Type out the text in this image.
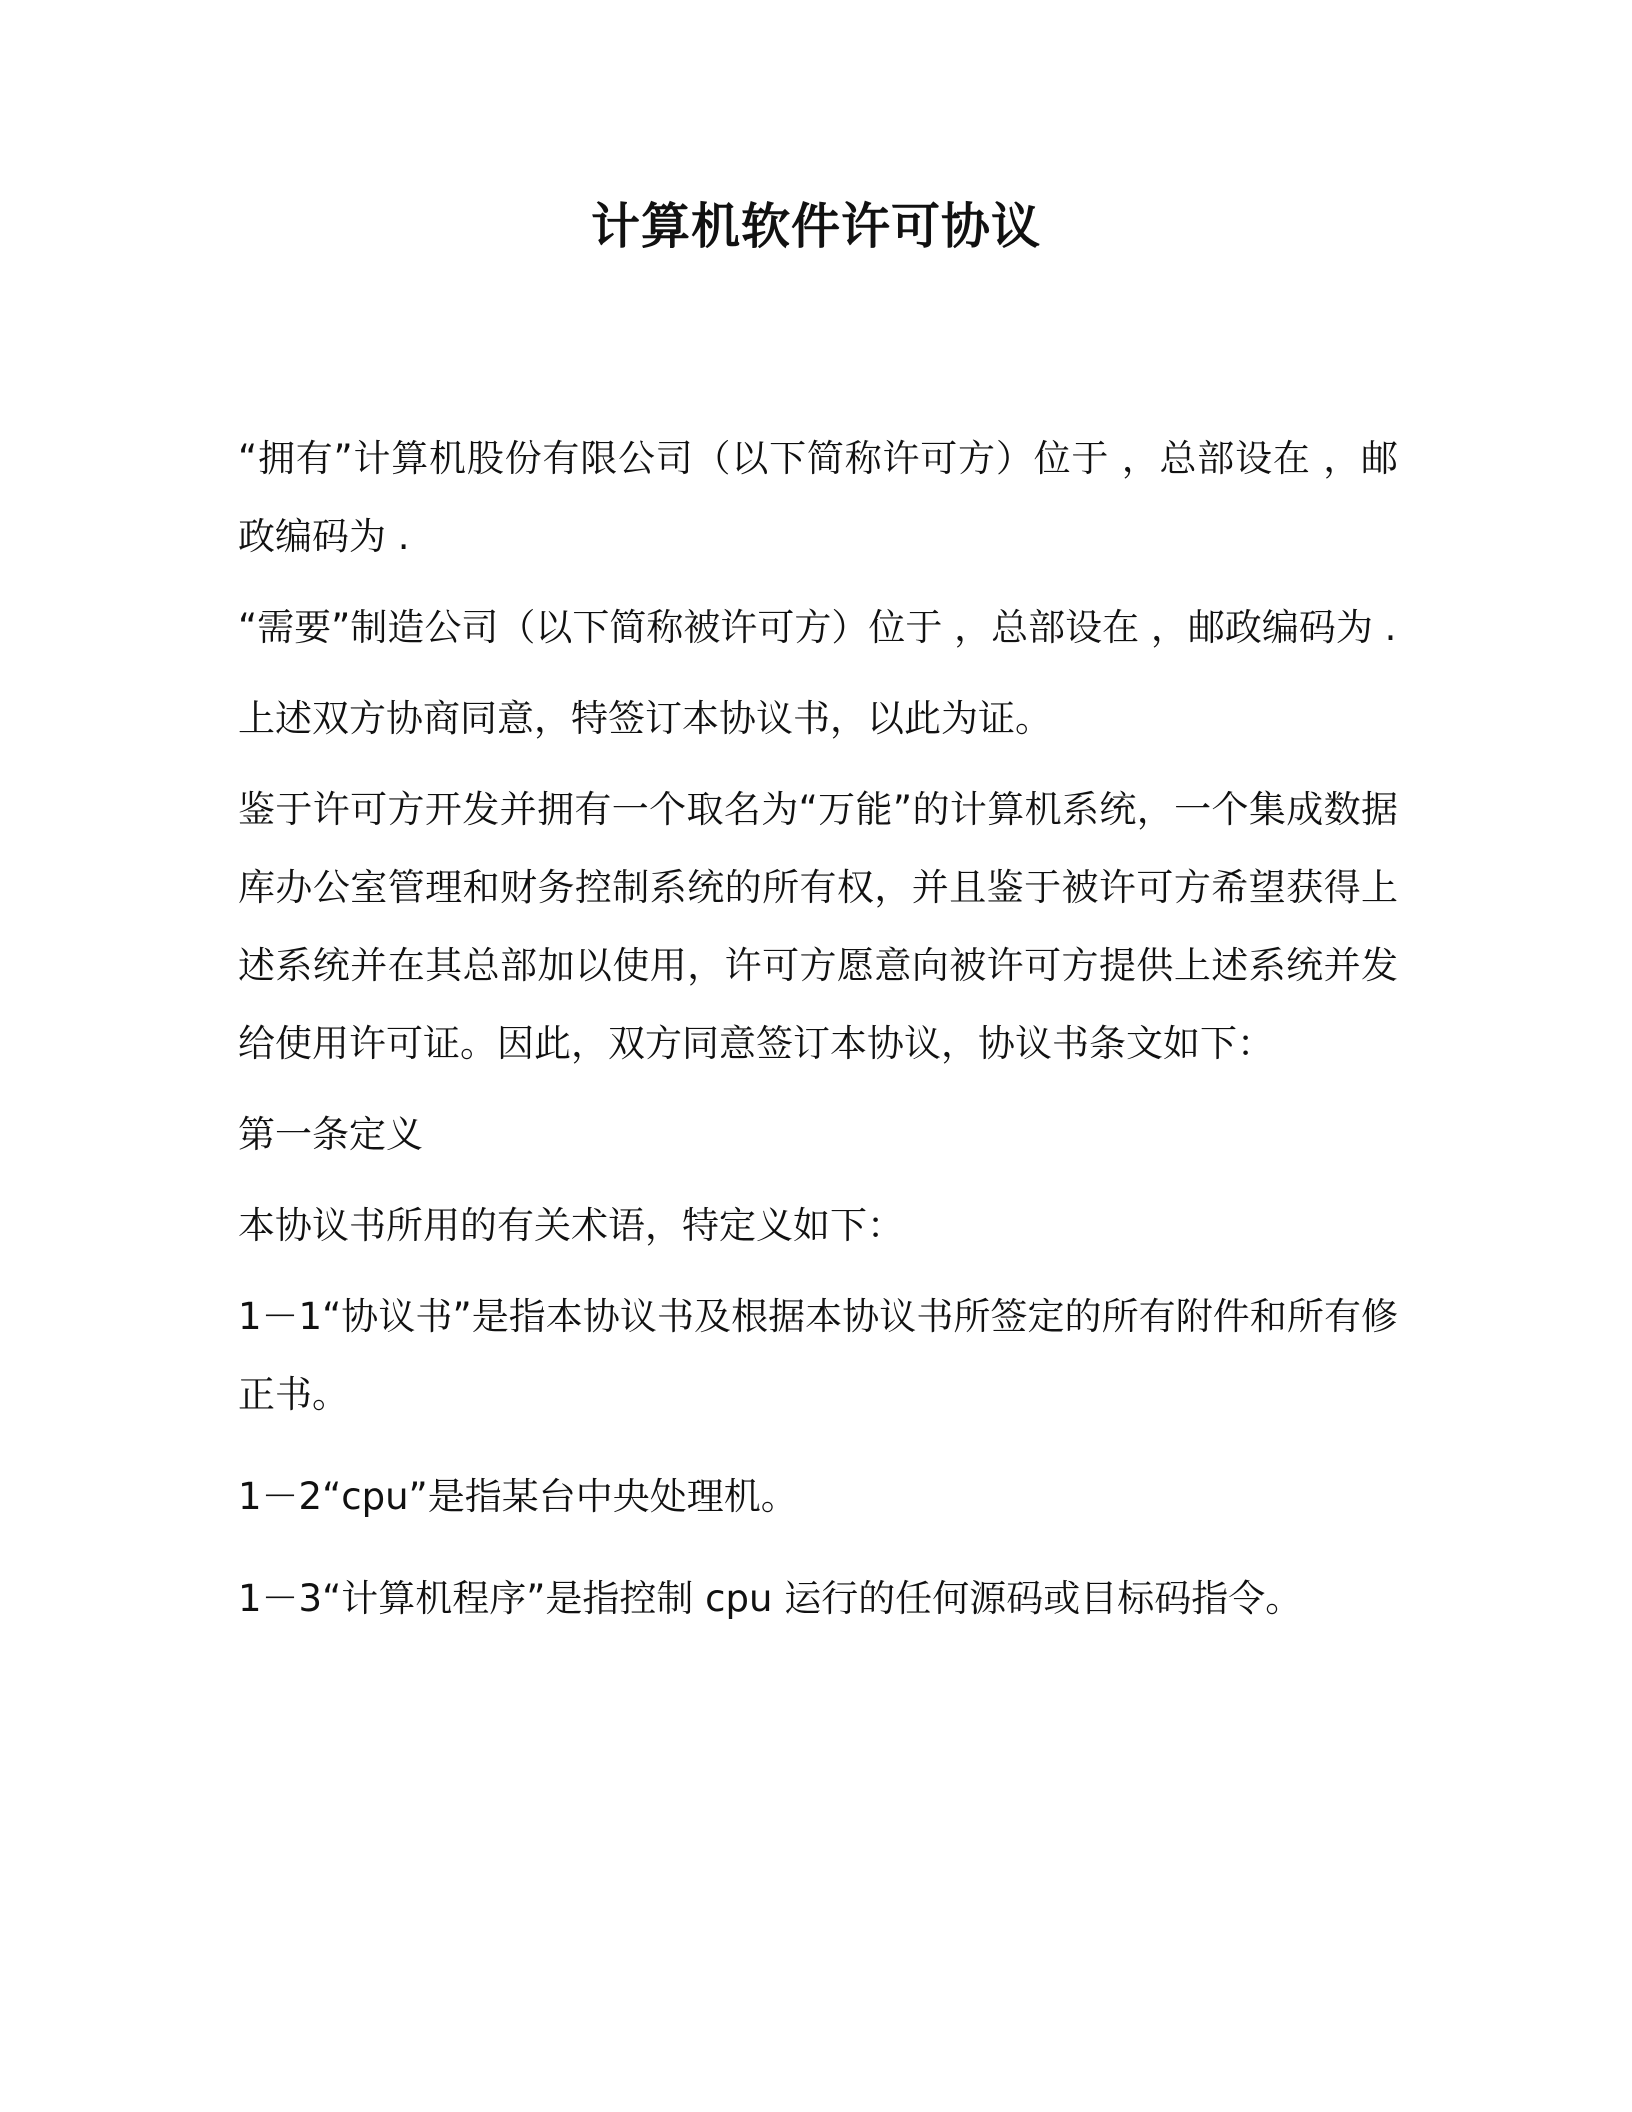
计算机软件许可协议

“拥有”计算机股份有限公司（以下简称许可方）位于 ，总部设在 ，邮政编码为 .

“需要”制造公司（以下简称被许可方）位于 ，总部设在 ，邮政编码为 .

上述双方协商同意，特签订本协议书，以此为证。

鉴于许可方开发并拥有一个取名为“万能”的计算机系统，一个集成数据库办公室管理和财务控制系统的所有权，并且鉴于被许可方希望获得上述系统并在其总部加以使用，许可方愿意向被许可方提供上述系统并发给使用许可证。因此，双方同意签订本协议，协议书条文如下：

第一条定义

本协议书所用的有关术语，特定义如下：

1－1“协议书”是指本协议书及根据本协议书所签定的所有附件和所有修正书。

1－2“cpu”是指某台中央处理机。

1－3“计算机程序”是指控制 cpu 运行的任何源码或目标码指令。
